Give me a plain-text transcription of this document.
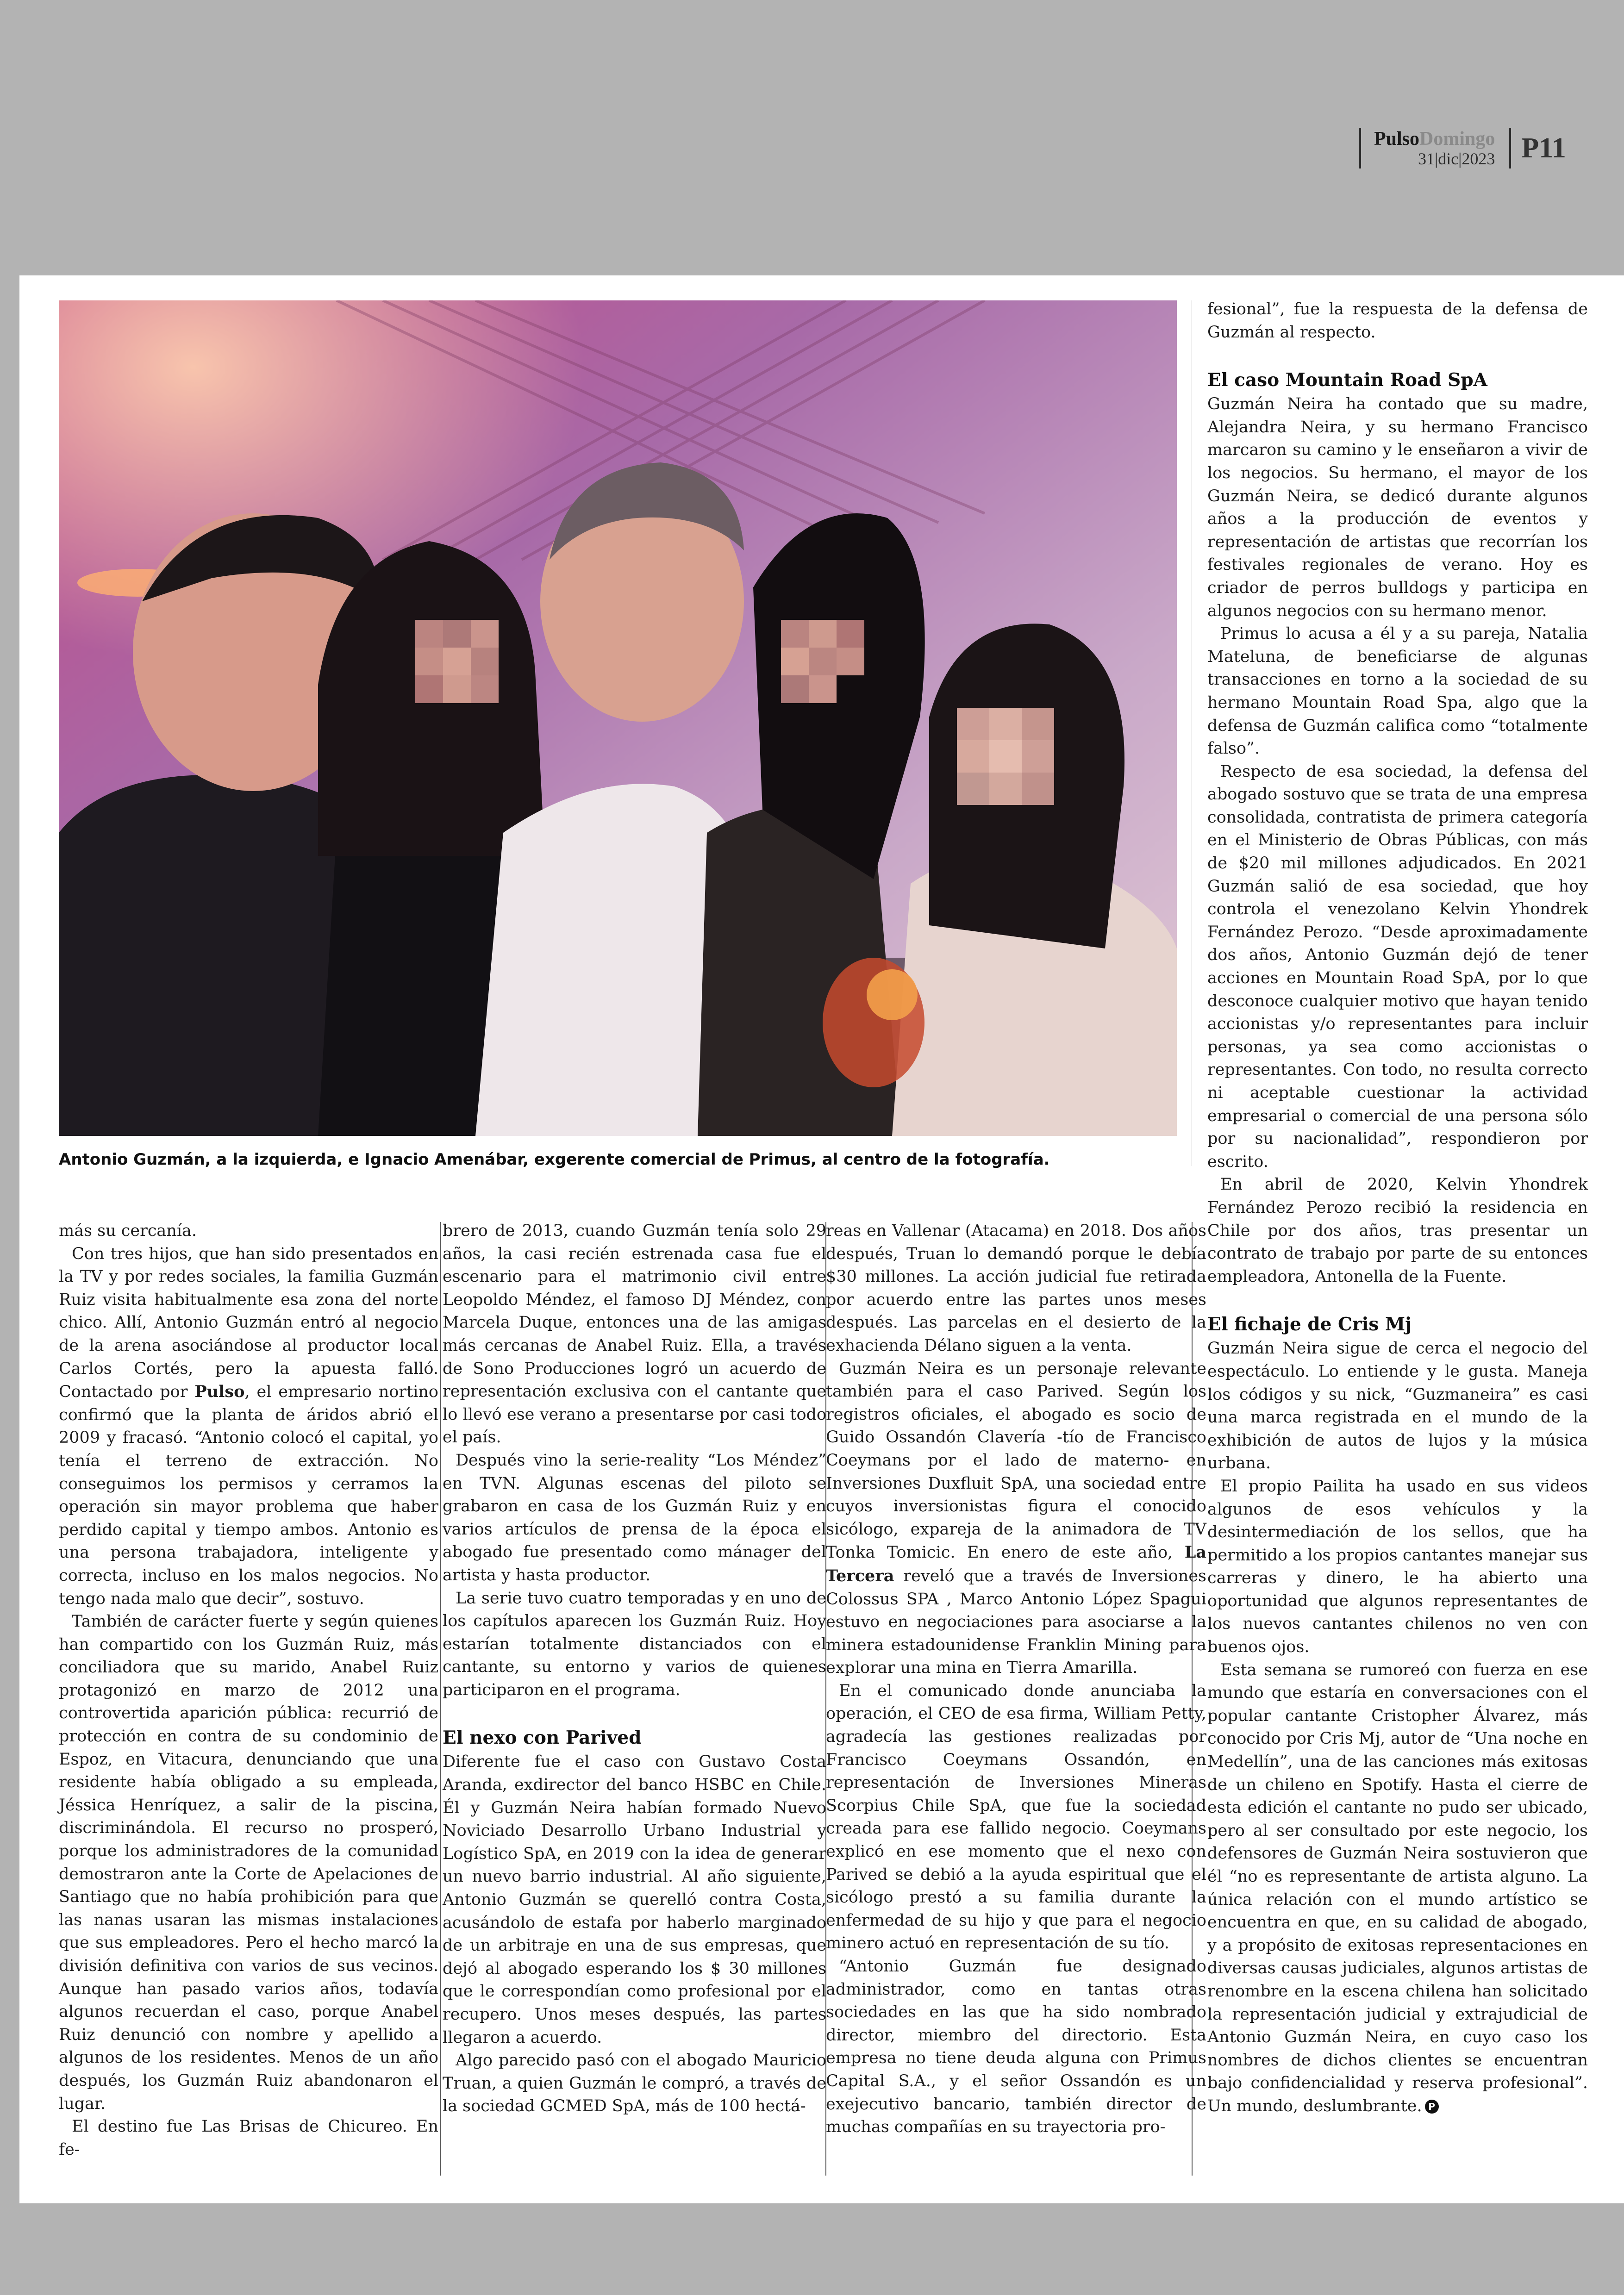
PulsoDomingo
31|dic|2023 P11
Antonio Guzmán, a la izquierda, e Ignacio Amenábar, exgerente comercial de Primus, al centro de la fotografía.

más su cercanía.

Con tres hijos, que han sido presentados en la TV y por redes sociales, la familia Guzmán Ruiz visita habitualmente esa zona del norte chico. Allí, Antonio Guzmán entró al negocio de la arena asociándose al productor local Carlos Cortés, pero la apuesta falló. Contactado por Pulso, el empresario nortino confirmó que la planta de áridos abrió el 2009 y fracasó. “Antonio colocó el capital, yo tenía el terreno de extracción. No conseguimos los permisos y cerramos la operación sin mayor problema que haber perdido capital y tiempo ambos. Antonio es una persona trabajadora, inteligente y correcta, incluso en los malos negocios. No tengo nada malo que decir”, sostuvo.

También de carácter fuerte y según quienes han compartido con los Guzmán Ruiz, más conciliadora que su marido, Anabel Ruiz protagonizó en marzo de 2012 una controvertida aparición pública: recurrió de protección en contra de su condominio de Espoz, en Vitacura, denunciando que una residente había obligado a su empleada, Jéssica Henríquez, a salir de la piscina, discriminándola. El recurso no prosperó, porque los administradores de la comunidad demostraron ante la Corte de Apelaciones de Santiago que no había prohibición para que las nanas usaran las mismas instalaciones que sus empleadores. Pero el hecho marcó la división definitiva con varios de sus vecinos. Aunque han pasado varios años, todavía algunos recuerdan el caso, porque Anabel Ruiz denunció con nombre y apellido a algunos de los residentes. Menos de un año después, los Guzmán Ruiz abandonaron el lugar.

El destino fue Las Brisas de Chicureo. En fe-

brero de 2013, cuando Guzmán tenía solo 29 años, la casi recién estrenada casa fue el escenario para el matrimonio civil entre Leopoldo Méndez, el famoso DJ Méndez, con Marcela Duque, entonces una de las amigas más cercanas de Anabel Ruiz. Ella, a través de Sono Producciones logró un acuerdo de representación exclusiva con el cantante que lo llevó ese verano a presentarse por casi todo el país.

Después vino la serie-reality “Los Méndez” en TVN. Algunas escenas del piloto se grabaron en casa de los Guzmán Ruiz y en varios artículos de prensa de la época el abogado fue presentado como mánager del artista y hasta productor.

La serie tuvo cuatro temporadas y en uno de los capítulos aparecen los Guzmán Ruiz. Hoy estarían totalmente distanciados con el cantante, su entorno y varios de quienes participaron en el programa.

El nexo con Parived

Diferente fue el caso con Gustavo Costa Aranda, exdirector del banco HSBC en Chile. Él y Guzmán Neira habían formado Nuevo Noviciado Desarrollo Urbano Industrial y Logístico SpA, en 2019 con la idea de generar un nuevo barrio industrial. Al año siguiente, Antonio Guzmán se querelló contra Costa, acusándolo de estafa por haberlo marginado de un arbitraje en una de sus empresas, que dejó al abogado esperando los $ 30 millones que le correspondían como profesional por el recupero. Unos meses después, las partes llegaron a acuerdo.

Algo parecido pasó con el abogado Mauricio Truan, a quien Guzmán le compró, a través de la sociedad GCMED SpA, más de 100 hectá-

reas en Vallenar (Atacama) en 2018. Dos años después, Truan lo demandó porque le debía $30 millones. La acción judicial fue retirada por acuerdo entre las partes unos meses después. Las parcelas en el desierto de la exhacienda Délano siguen a la venta.

Guzmán Neira es un personaje relevante también para el caso Parived. Según los registros oficiales, el abogado es socio de Guido Ossandón Clavería -tío de Francisco Coeymans por el lado de materno- en Inversiones Duxfluit SpA, una sociedad entre cuyos inversionistas figura el conocido sicólogo, expareja de la animadora de TV Tonka Tomicic. En enero de este año, La Tercera reveló que a través de Inversiones Colossus SPA , Marco Antonio López Spagui estuvo en negociaciones para asociarse a la minera estadounidense Franklin Mining para explorar una mina en Tierra Amarilla.

En el comunicado donde anunciaba la operación, el CEO de esa firma, William Petty, agradecía las gestiones realizadas por Francisco Coeymans Ossandón, en representación de Inversiones Mineras Scorpius Chile SpA, que fue la sociedad creada para ese fallido negocio. Coeymans explicó en ese momento que el nexo con Parived se debió a la ayuda espiritual que el sicólogo prestó a su familia durante la enfermedad de su hijo y que para el negocio minero actuó en representación de su tío.

“Antonio Guzmán fue designado administrador, como en tantas otras sociedades en las que ha sido nombrado director, miembro del directorio. Esta empresa no tiene deuda alguna con Primus Capital S.A., y el señor Ossandón es un exejecutivo bancario, también director de muchas compañías en su trayectoria pro-

fesional”, fue la respuesta de la defensa de Guzmán al respecto.

El caso Mountain Road SpA

Guzmán Neira ha contado que su madre, Alejandra Neira, y su hermano Francisco marcaron su camino y le enseñaron a vivir de los negocios. Su hermano, el mayor de los Guzmán Neira, se dedicó durante algunos años a la producción de eventos y representación de artistas que recorrían los festivales regionales de verano. Hoy es criador de perros bulldogs y participa en algunos negocios con su hermano menor.

Primus lo acusa a él y a su pareja, Natalia Mateluna, de beneficiarse de algunas transacciones en torno a la sociedad de su hermano Mountain Road Spa, algo que la defensa de Guzmán califica como “totalmente falso”.

Respecto de esa sociedad, la defensa del abogado sostuvo que se trata de una empresa consolidada, contratista de primera categoría en el Ministerio de Obras Públicas, con más de $20 mil millones adjudicados. En 2021 Guzmán salió de esa sociedad, que hoy controla el venezolano Kelvin Yhondrek Fernández Perozo. “Desde aproximadamente dos años, Antonio Guzmán dejó de tener acciones en Mountain Road SpA, por lo que desconoce cualquier motivo que hayan tenido accionistas y/o representantes para incluir personas, ya sea como accionistas o representantes. Con todo, no resulta correcto ni aceptable cuestionar la actividad empresarial o comercial de una persona sólo por su nacionalidad”, respondieron por escrito.

En abril de 2020, Kelvin Yhondrek Fernández Perozo recibió la residencia en Chile por dos años, tras presentar un contrato de trabajo por parte de su entonces empleadora, Antonella de la Fuente.

El fichaje de Cris Mj

Guzmán Neira sigue de cerca el negocio del espectáculo. Lo entiende y le gusta. Maneja los códigos y su nick, “Guzmaneira” es casi una marca registrada en el mundo de la exhibición de autos de lujos y la música urbana.

El propio Pailita ha usado en sus videos algunos de esos vehículos y la desintermediación de los sellos, que ha permitido a los propios cantantes manejar sus carreras y dinero, le ha abierto una oportunidad que algunos representantes de los nuevos cantantes chilenos no ven con buenos ojos.

Esta semana se rumoreó con fuerza en ese mundo que estaría en conversaciones con el popular cantante Cristopher Álvarez, más conocido por Cris Mj, autor de “Una noche en Medellín”, una de las canciones más exitosas de un chileno en Spotify. Hasta el cierre de esta edición el cantante no pudo ser ubicado, pero al ser consultado por este negocio, los defensores de Guzmán Neira sostuvieron que él “no es representante de artista alguno. La única relación con el mundo artístico se encuentra en que, en su calidad de abogado, y a propósito de exitosas representaciones en diversas causas judiciales, algunos artistas de renombre en la escena chilena han solicitado la representación judicial y extrajudicial de Antonio Guzmán Neira, en cuyo caso los nombres de dichos clientes se encuentran bajo confidencialidad y reserva profesional”. Un mundo, deslumbrante. P
